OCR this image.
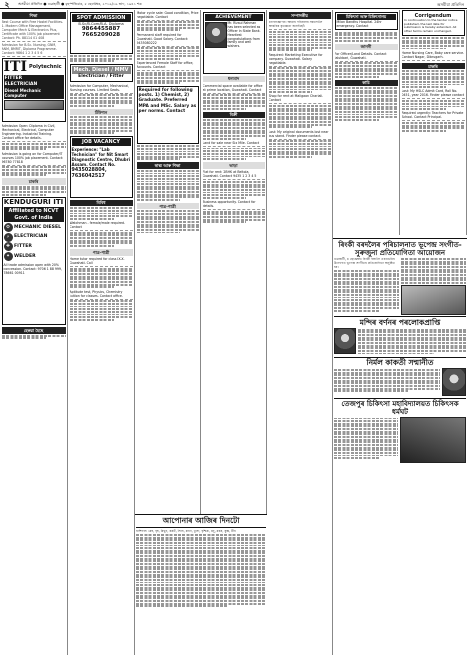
২	অসমীয়া প্ৰতিদিন ● গুৱাহাটী ● বৃহস্পতিবাৰ, ৫ ছেপ্তেম্বৰ, ২০১৯/১৯ ভাদ, ১৯৪১ শক	অসমীয়া প্ৰতিদিন
শিক্ষা
Best Course with Free Hostel Facilities- 1. Modern Office Management, Computer Mech & Electronics Plus, Certificate with 100% job placement Contact: Ph. 88114 01 408
Admission for B.Sc. Nursing, GNM, ANM, BMRIT, Diploma Programme. Contact: 9864 1 2 3 4 5 6
ITI Polytechnic
FITTER
ELECTRICIAN
Diesel Mechanic
Computer
Admission Open: Diploma in Civil, Mechanical, Electrical, Computer Engineering. Industrial Training. Contact office for details.
Admission is going on for Computer/IT courses 100% job placement. Contact: 96780 77818
চাকৰি
KENDUGURI ITI
Affiliated to NCVT Govt. of India
⚙ MECHANIC DIESEL
⚡ ELECTRICIAN
✚ FITTER
✦ WELDER
All trade admission open with 20% concession. Contact: 9706 1 88 999, 78661 00911
হেৰুৱা হৈছে
SPOT ADMISSION
B.Sc/B.Com/B.A. Diploma
9864455887
7665209028
Mech. Diesel / MMV
Electrician / Fitter
Admission for Computer, Mechanical, Nursing courses. Limited Seats.
টিউশ্যন
JOB VACANCY
Experience: "Lab Technician" for Nit Smart Diagnostic Centre, Dhubri Assam. Contact No.
9435028804, 7636042517
বিবিধ
Watchman - female/male required. Contact
পাত্ৰ-পাত্ৰী
Home tutor required for class IX-X. Guwahati. Call
Aptitude test, Physics, Chemistry tuition for classes. Contact office.
Motor cycle sale: Good condition, Price negotiable. Contact
Permanent staff required for Guwahati. Good Salary. Contact: 9435080222
Experienced Female Staff for office, Accounts. Contact
Required for following posts. 1) Chemist, 2) Graduate. Preferred MPA and MSc. Salary as per norms. Contact
স্বাস্থ্য আৰু শিক্ষা
পাত্ৰ-পাত্ৰী
ACHIEVEMENT
Mr. Rizaul Rahman has been selected as Officer in State Bank. Heartiest congratulations from family and well wishers.
ধন্যবাদ
Commercial space available for office at prime location, Guwahati. Contact
বিক্ৰী
Land for sale near Six Mile. Contact
ভাড়া
Flat for rent: 2BHK at Beltola, Guwahati. Contact 9435 1 2 3 4 5
Business opportunity. Contact for details.
আপোনাৰ আজিৰ দিনটো
ৰাশিফল: মেষ, বৃষ, মিথুন, কৰ্কট, সিংহ, কন্যা, তুলা, বৃশ্চিক, ধনু, মকৰ, কুম্ভ, মীন
সম্পাদকীয়
ধন্যবাদজ্ঞাপন: আমাৰ পৰিয়ালৰ সকলোলৈ আন্তৰিক কৃতজ্ঞতা জনাইছোঁ।
Required: Marketing Executive for company. Guwahati. Salary negotiable.
Shop for rent at Maligaon Chariali. Contact
Lost: My original documents lost near bus stand. Finder please contact.
চিকিৎসা আৰু চিকিৎসালয়
Milan Bandhu Hospital. 24hr emergency. Contact
জাননী
For Officer/Land Details. Contact Jalukbari, Guwahati.
কাচি
Corrigendum
In continuation to the tender notice published, the last date for submission is hereby extended. All other terms remain unchanged.
Home Nursing Care, Baby care service. Contact Nagar, Dibrugarh.
চাকৰি
Lost: My HSLC Admit Card, Roll No. 0451, year 2016. Finder please contact
Required urgently: Teachers for Private School. Contact Principal.
ৰিংকী বৰদলৈৰ পৰিচালনাত ভূপেন্দ্ৰ সংগীত-সুৰুজুনা প্ৰতিযোগিতা আয়োজন
গুৱাহাটী, ৪ ছেপ্তেম্বৰ: ৰিংকী বৰদলৈ একাডেমিৰ উদ্যোগত ভূপেন্দ্ৰ সংগীতৰ প্ৰতিযোগিতা অনুষ্ঠিত হয়।
মন্দিৰ বৰ্ণনৰ পৰলোকপ্ৰাপ্তি
নিৰ্মল কাকতী সন্মানীত
তেজপুৰ চিকিৎসা মহাবিদ্যালয়ত চিকিৎসক ধৰ্মঘট
